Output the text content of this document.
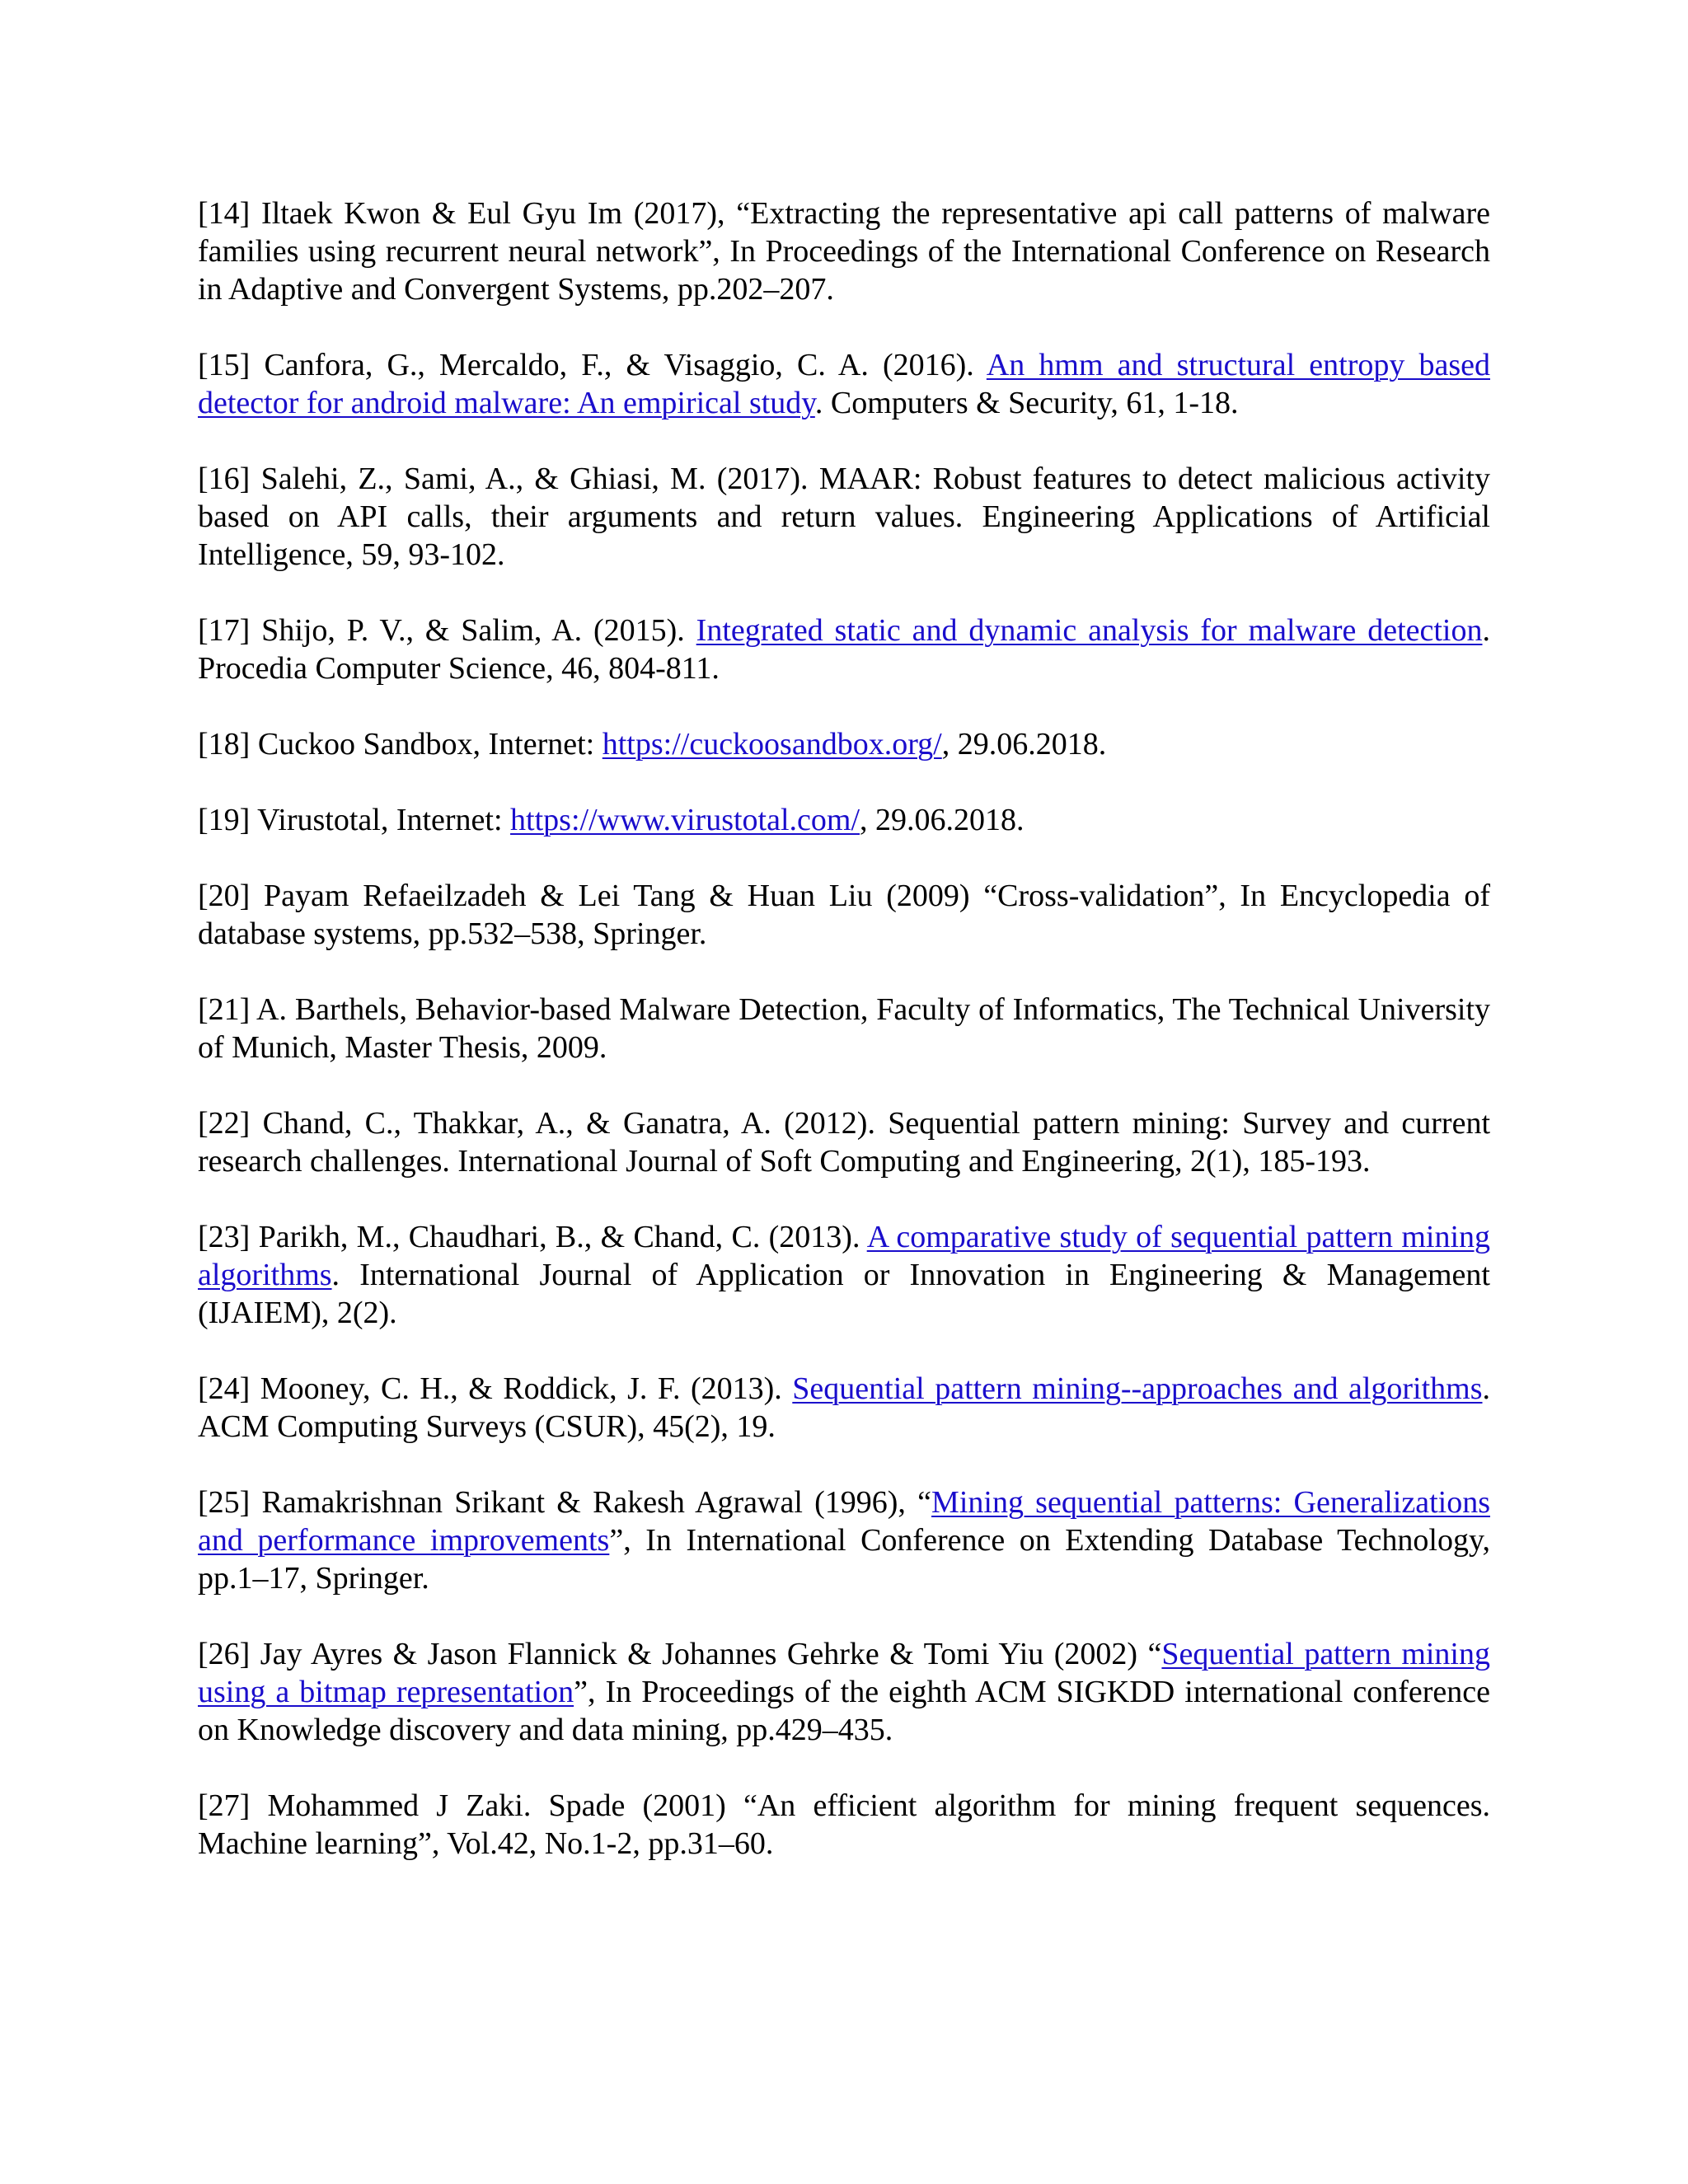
[14] Iltaek Kwon & Eul Gyu Im (2017), “Extracting the representative api call patterns of malware families using recurrent neural network”, In Proceedings of the International Conference on Research in Adaptive and Convergent Systems, pp.202–207.

[15] Canfora, G., Mercaldo, F., & Visaggio, C. A. (2016). An hmm and structural entropy based detector for android malware: An empirical study. Computers & Security, 61, 1-18.

[16] Salehi, Z., Sami, A., & Ghiasi, M. (2017). MAAR: Robust features to detect malicious activity based on API calls, their arguments and return values. Engineering Applications of Artificial Intelligence, 59, 93-102.

[17] Shijo, P. V., & Salim, A. (2015). Integrated static and dynamic analysis for malware detection. Procedia Computer Science, 46, 804-811.

[18] Cuckoo Sandbox, Internet: https://cuckoosandbox.org/, 29.06.2018.

[19] Virustotal, Internet: https://www.virustotal.com/, 29.06.2018.

[20] Payam Refaeilzadeh & Lei Tang & Huan Liu (2009) “Cross-validation”, In Encyclopedia of database systems, pp.532–538, Springer.

[21] A. Barthels, Behavior-based Malware Detection, Faculty of Informatics, The Technical University of Munich, Master Thesis, 2009.

[22] Chand, C., Thakkar, A., & Ganatra, A. (2012). Sequential pattern mining: Survey and current research challenges. International Journal of Soft Computing and Engineering, 2(1), 185-193.

[23] Parikh, M., Chaudhari, B., & Chand, C. (2013). A comparative study of sequential pattern mining algorithms. International Journal of Application or Innovation in Engineering & Management (IJAIEM), 2(2).

[24] Mooney, C. H., & Roddick, J. F. (2013). Sequential pattern mining--approaches and algorithms. ACM Computing Surveys (CSUR), 45(2), 19.

[25] Ramakrishnan Srikant & Rakesh Agrawal (1996), “Mining sequential patterns: Generalizations and performance improvements”, In International Conference on Extending Database Technology, pp.1–17, Springer.

[26] Jay Ayres & Jason Flannick & Johannes Gehrke & Tomi Yiu (2002) “Sequential pattern mining using a bitmap representation”, In Proceedings of the eighth ACM SIGKDD international conference on Knowledge discovery and data mining, pp.429–435.

[27] Mohammed J Zaki. Spade (2001) “An efficient algorithm for mining frequent sequences. Machine learning”, Vol.42, No.1-2, pp.31–60.
